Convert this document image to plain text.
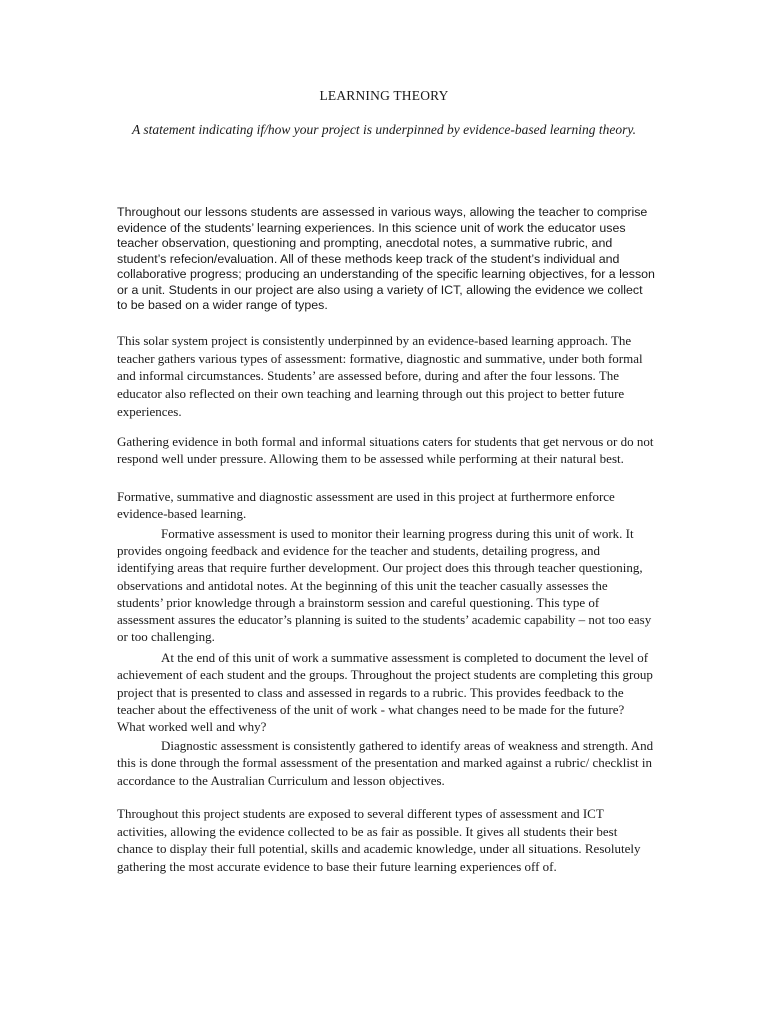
LEARNING THEORY

A statement indicating if/how your project is underpinned by evidence-based learning theory.

Throughout our lessons students are assessed in various ways, allowing the teacher to comprise evidence of the students’ learning experiences. In this science unit of work the educator uses teacher observation, questioning and prompting, anecdotal notes, a summative rubric, and student’s refecion/evaluation. All of these methods keep track of the student’s individual and collaborative progress; producing an understanding of the specific learning objectives, for a lesson or a unit. Students in our project are also using a variety of ICT, allowing the evidence we collect to be based on a wider range of types.

This solar system project is consistently underpinned by an evidence-based learning approach. The teacher gathers various types of assessment: formative, diagnostic and summative, under both formal and informal circumstances. Students’ are assessed before, during and after the four lessons. The educator also reflected on their own teaching and learning through out this project to better future experiences.

Gathering evidence in both formal and informal situations caters for students that get nervous or do not respond well under pressure. Allowing them to be assessed while performing at their natural best.

Formative, summative and diagnostic assessment are used in this project at furthermore enforce evidence-based learning.

Formative assessment is used to monitor their learning progress during this unit of work. It provides ongoing feedback and evidence for the teacher and students, detailing progress, and identifying areas that require further development. Our project does this through teacher questioning, observations and antidotal notes. At the beginning of this unit the teacher casually assesses the students’ prior knowledge through a brainstorm session and careful questioning. This type of assessment assures the educator’s planning is suited to the students’ academic capability – not too easy or too challenging.

At the end of this unit of work a summative assessment is completed to document the level of achievement of each student and the groups. Throughout the project students are completing this group project that is presented to class and assessed in regards to a rubric. This provides feedback to the teacher about the effectiveness of the unit of work - what changes need to be made for the future? What worked well and why?

Diagnostic assessment is consistently gathered to identify areas of weakness and strength. And this is done through the formal assessment of the presentation and marked against a rubric/ checklist in accordance to the Australian Curriculum and lesson objectives.

Throughout this project students are exposed to several different types of assessment and ICT activities, allowing the evidence collected to be as fair as possible. It gives all students their best chance to display their full potential, skills and academic knowledge, under all situations. Resolutely gathering the most accurate evidence to base their future learning experiences off of.
